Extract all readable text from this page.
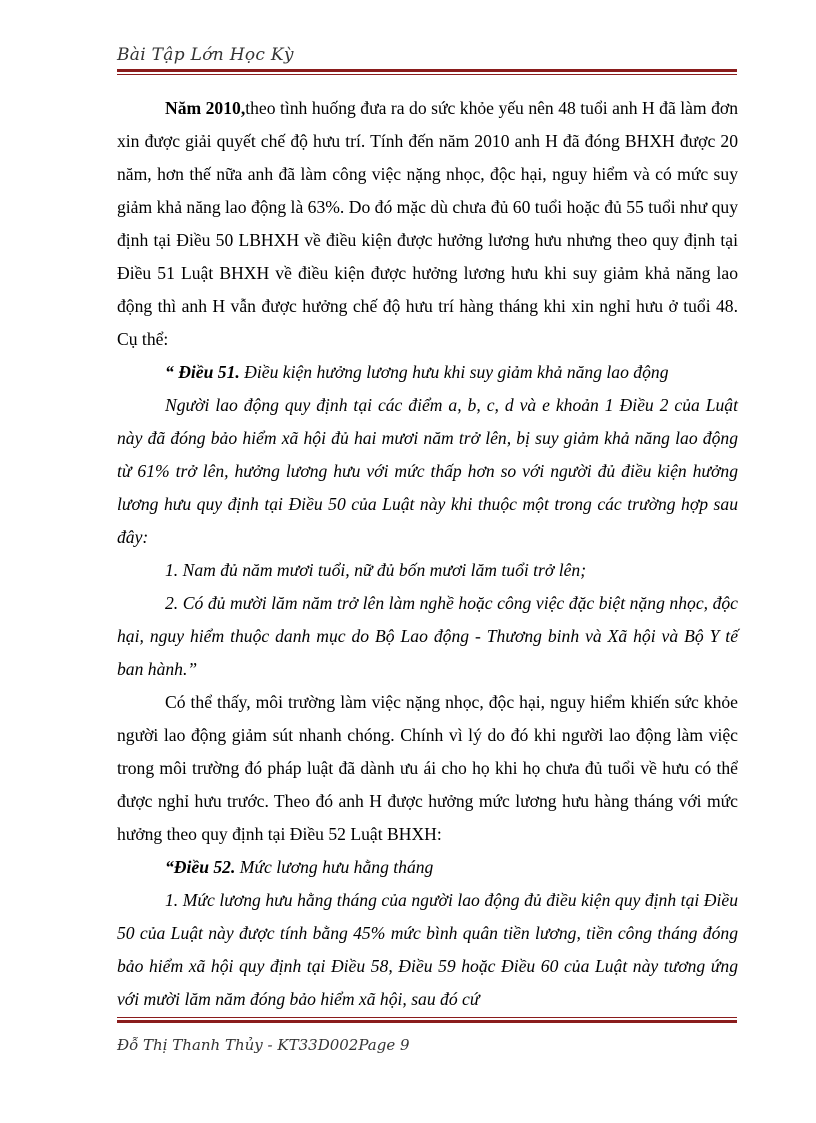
Bài Tập Lớn Học Kỳ

Năm 2010,theo tình huống đưa ra do sức khỏe yếu nên 48 tuổi anh H đã làm đơn xin được giải quyết chế độ hưu trí. Tính đến năm 2010 anh H đã đóng BHXH được 20 năm, hơn thế nữa anh đã làm công việc nặng nhọc, độc hại, nguy hiểm và có mức suy giảm khả năng lao động là 63%. Do đó mặc dù chưa đủ 60 tuổi hoặc đủ 55 tuổi như quy định tại Điều 50 LBHXH về điều kiện được hưởng lương hưu nhưng theo quy định tại Điều 51 Luật BHXH về điều kiện được hưởng lương hưu khi suy giảm khả năng lao động thì anh H vẫn được hưởng chế độ hưu trí hàng tháng khi xin nghỉ hưu ở tuổi 48. Cụ thể:

“ Điều 51. Điều kiện hưởng lương hưu khi suy giảm khả năng lao động

Người lao động quy định tại các điểm a, b, c, d và e khoản 1 Điều 2 của Luật này đã đóng bảo hiểm xã hội đủ hai mươi năm trở lên, bị suy giảm khả năng lao động từ 61% trở lên, hưởng lương hưu với mức thấp hơn so với người đủ điều kiện hưởng lương hưu quy định tại Điều 50 của Luật này khi thuộc một trong các trường hợp sau đây:

1. Nam đủ năm mươi tuổi, nữ đủ bốn mươi lăm tuổi trở lên;

2. Có đủ mười lăm năm trở lên làm nghề hoặc công việc đặc biệt nặng nhọc, độc hại, nguy hiểm thuộc danh mục do Bộ Lao động - Thương binh và Xã hội và Bộ Y tế ban hành.”

Có thể thấy, môi trường làm việc nặng nhọc, độc hại, nguy hiểm khiến sức khỏe người lao động giảm sút nhanh chóng. Chính vì lý do đó khi người lao động làm việc trong môi trường đó pháp luật đã dành ưu ái cho họ khi họ chưa đủ tuổi về hưu có thể được nghỉ hưu trước. Theo đó anh H được hưởng mức lương hưu hàng tháng với mức hưởng theo quy định tại Điều 52 Luật BHXH:

“Điều 52. Mức lương hưu hằng tháng

1. Mức lương hưu hằng tháng của người lao động đủ điều kiện quy định tại Điều 50 của Luật này được tính bằng 45% mức bình quân tiền lương, tiền công tháng đóng bảo hiểm xã hội quy định tại Điều 58, Điều 59 hoặc Điều 60 của Luật này tương ứng với mười lăm năm đóng bảo hiểm xã hội, sau đó cứ

Đỗ Thị Thanh Thủy - KT33D002Page 9
